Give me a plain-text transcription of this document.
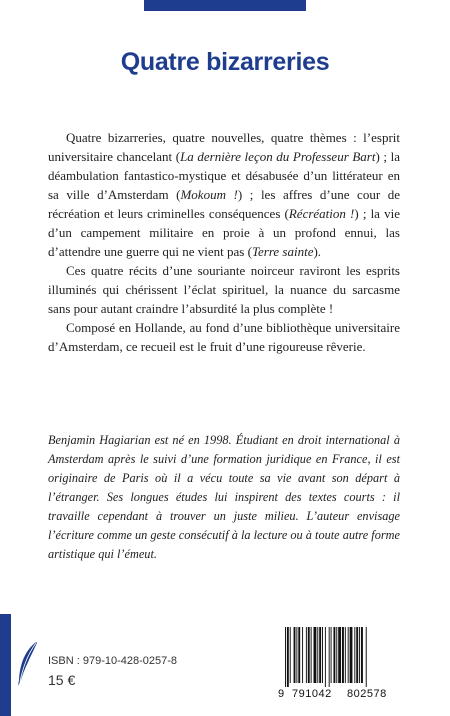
Quatre bizarreries

Quatre bizarreries, quatre nouvelles, quatre thèmes : l’esprit universitaire chancelant (La dernière leçon du Professeur Bart) ; la déambulation fantastico-mystique et désabusée d’un littérateur en sa ville d’Amsterdam (Mokoum !) ; les affres d’une cour de récréation et leurs criminelles conséquences (Récréation !) ; la vie d’un campement militaire en proie à un profond ennui, las d’attendre une guerre qui ne vient pas (Terre sainte).

Ces quatre récits d’une souriante noirceur raviront les esprits illuminés qui chérissent l’éclat spirituel, la nuance du sarcasme sans pour autant craindre l’absurdité la plus complète !

Composé en Hollande, au fond d’une bibliothèque universitaire d’Amsterdam, ce recueil est le fruit d’une rigoureuse rêverie.

Benjamin Hagiarian est né en 1998. Étudiant en droit international à Amsterdam après le suivi d’une formation juridique en France, il est originaire de Paris où il a vécu toute sa vie avant son départ à l’étranger. Ses longues études lui inspirent des textes courts : il travaille cependant à trouver un juste milieu. L’auteur envisage l’écriture comme un geste consécutif à la lecture ou à toute autre forme artistique qui l’émeut.
ISBN : 979-10-428-0257-8
15 €
9 791042 802578
